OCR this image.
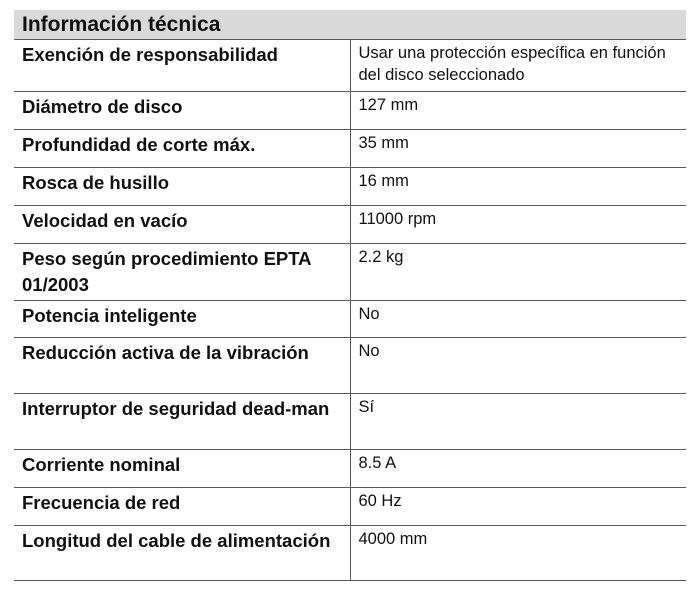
Información técnica
Exención de responsabilidad	Usar una protección específica en función del disco seleccionado
Diámetro de disco	127 mm
Profundidad de corte máx.	35 mm
Rosca de husillo	16 mm
Velocidad en vacío	11000 rpm
Peso según procedimiento EPTA 01/2003	2.2 kg
Potencia inteligente	No
Reducción activa de la vibración	No
Interruptor de seguridad dead-man	Sí
Corriente nominal	8.5 A
Frecuencia de red	60 Hz
Longitud del cable de alimentación	4000 mm
